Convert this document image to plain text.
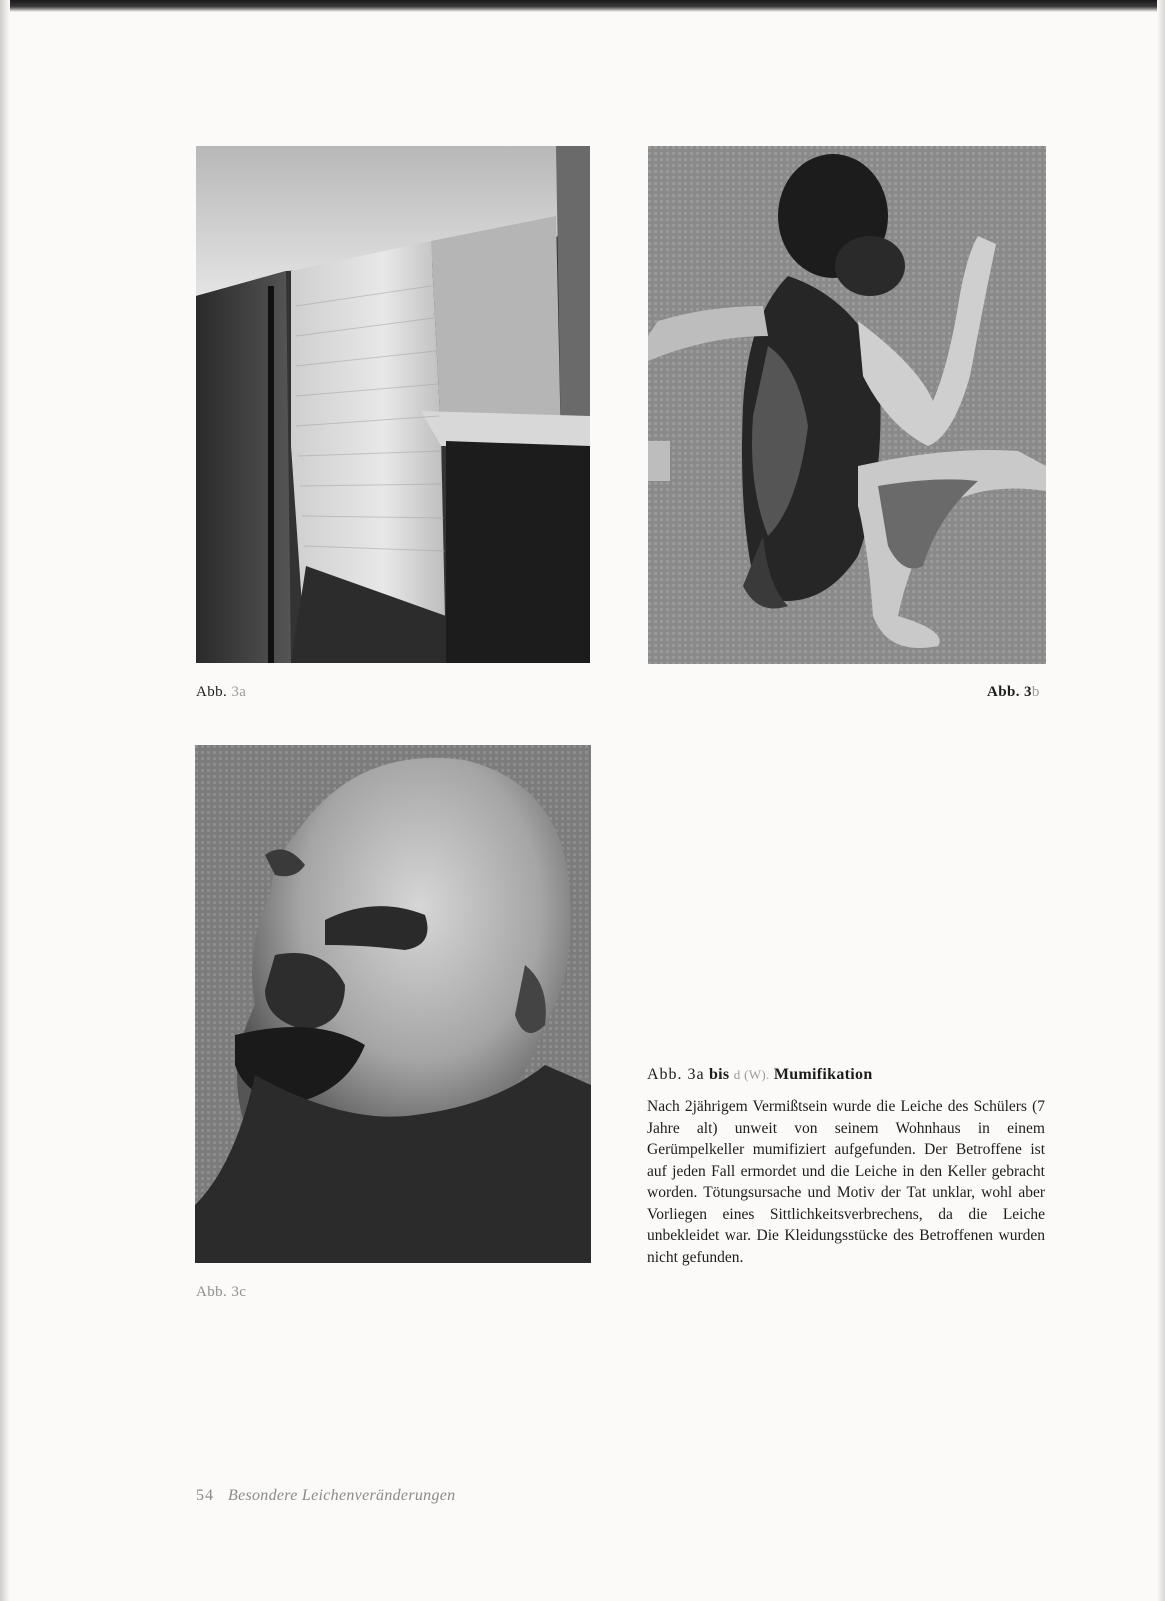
Abb. 3a	Abb. 3b
Abb. 3c

Abb. 3a bis d (W). Mumifikation

Nach 2jährigem Vermißtsein wurde die Leiche des Schülers (7 Jahre alt) unweit von seinem Wohnhaus in einem Gerümpelkeller mumifiziert aufgefunden. Der Betroffene ist auf jeden Fall ermordet und die Leiche in den Keller gebracht worden. Tötungsursache und Motiv der Tat unklar, wohl aber Vorliegen eines Sittlichkeitsverbrechens, da die Leiche unbekleidet war. Die Kleidungsstücke des Betroffenen wurden nicht gefunden.

54 Besondere Leichenveränderungen
